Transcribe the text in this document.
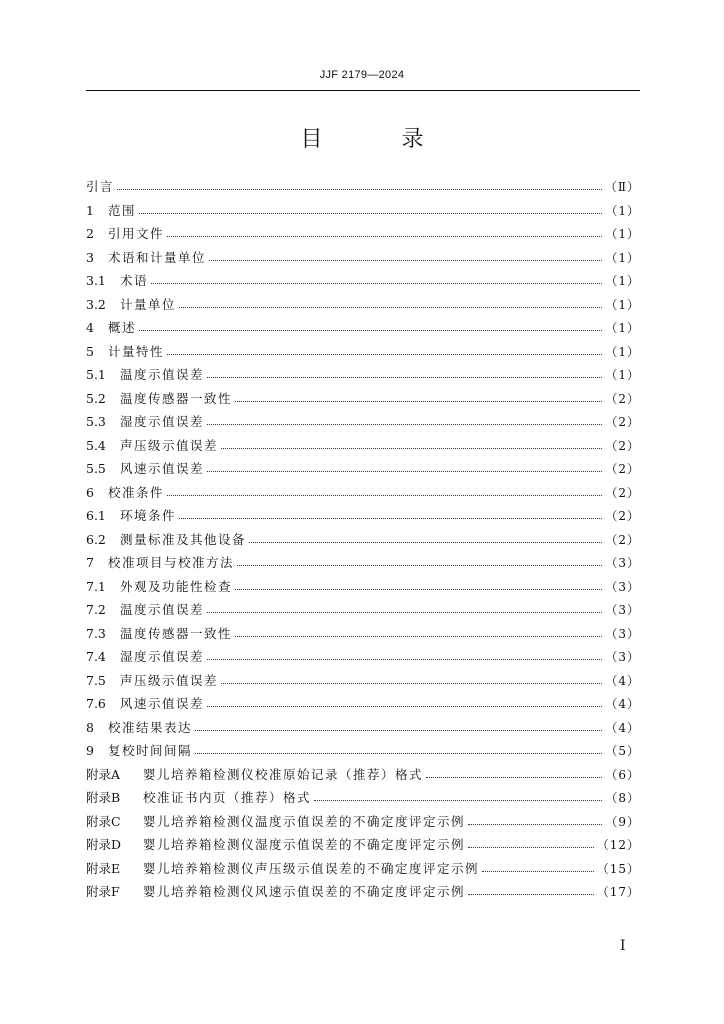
JJF 2179—2024
目 录
引言	（Ⅱ）
1	范围	（1）
2	引用文件	（1）
3	术语和计量单位	（1）
3.1	术语	（1）
3.2	计量单位	（1）
4	概述	（1）
5	计量特性	（1）
5.1	温度示值误差	（1）
5.2	温度传感器一致性	（2）
5.3	湿度示值误差	（2）
5.4	声压级示值误差	（2）
5.5	风速示值误差	（2）
6	校准条件	（2）
6.1	环境条件	（2）
6.2	测量标准及其他设备	（2）
7	校准项目与校准方法	（3）
7.1	外观及功能性检查	（3）
7.2	温度示值误差	（3）
7.3	温度传感器一致性	（3）
7.4	湿度示值误差	（3）
7.5	声压级示值误差	（4）
7.6	风速示值误差	（4）
8	校准结果表达	（4）
9	复校时间间隔	（5）
附录A	婴儿培养箱检测仪校准原始记录（推荐）格式	（6）
附录B	校准证书内页（推荐）格式	（8）
附录C	婴儿培养箱检测仪温度示值误差的不确定度评定示例	（9）
附录D	婴儿培养箱检测仪湿度示值误差的不确定度评定示例	（12）
附录E	婴儿培养箱检测仪声压级示值误差的不确定度评定示例	（15）
附录F	婴儿培养箱检测仪风速示值误差的不确定度评定示例	（17）
I
